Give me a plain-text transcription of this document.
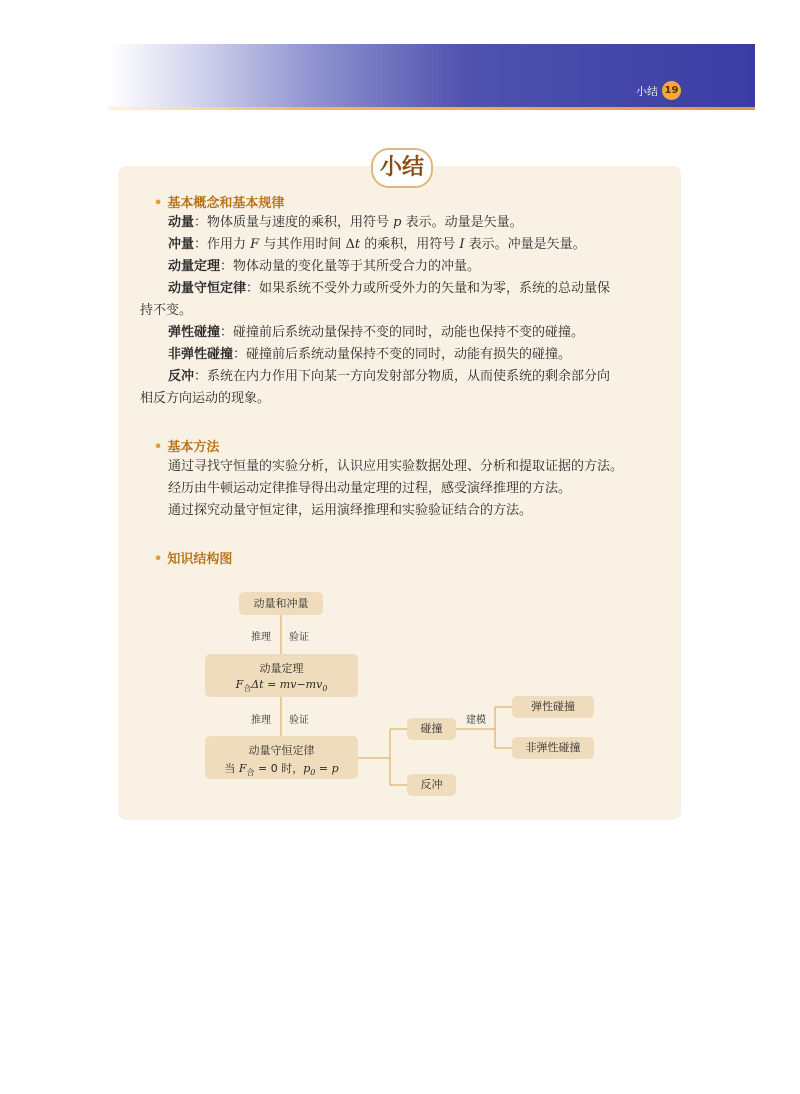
小结 19
小结
• 基本概念和基本规律
动量：物体质量与速度的乘积，用符号 p 表示。动量是矢量。
冲量：作用力 F 与其作用时间 Δt 的乘积，用符号 I 表示。冲量是矢量。
动量定理：物体动量的变化量等于其所受合力的冲量。
动量守恒定律：如果系统不受外力或所受外力的矢量和为零，系统的总动量保
持不变。
弹性碰撞：碰撞前后系统动量保持不变的同时，动能也保持不变的碰撞。
非弹性碰撞：碰撞前后系统动量保持不变的同时，动能有损失的碰撞。
反冲：系统在内力作用下向某一方向发射部分物质，从而使系统的剩余部分向
相反方向运动的现象。
• 基本方法
通过寻找守恒量的实验分析，认识应用实验数据处理、分析和提取证据的方法。
经历由牛顿运动定律推导得出动量定理的过程，感受演绎推理的方法。
通过探究动量守恒定律，运用演绎推理和实验验证结合的方法。
• 知识结构图
动量和冲量
推理 验证
动量定理
$F_合\Delta t = mv-mv_0$
推理 验证
动量守恒定律
当 $F_合 = 0$ 时，$p_0 = p$
碰撞
反冲
建模
弹性碰撞
非弹性碰撞
